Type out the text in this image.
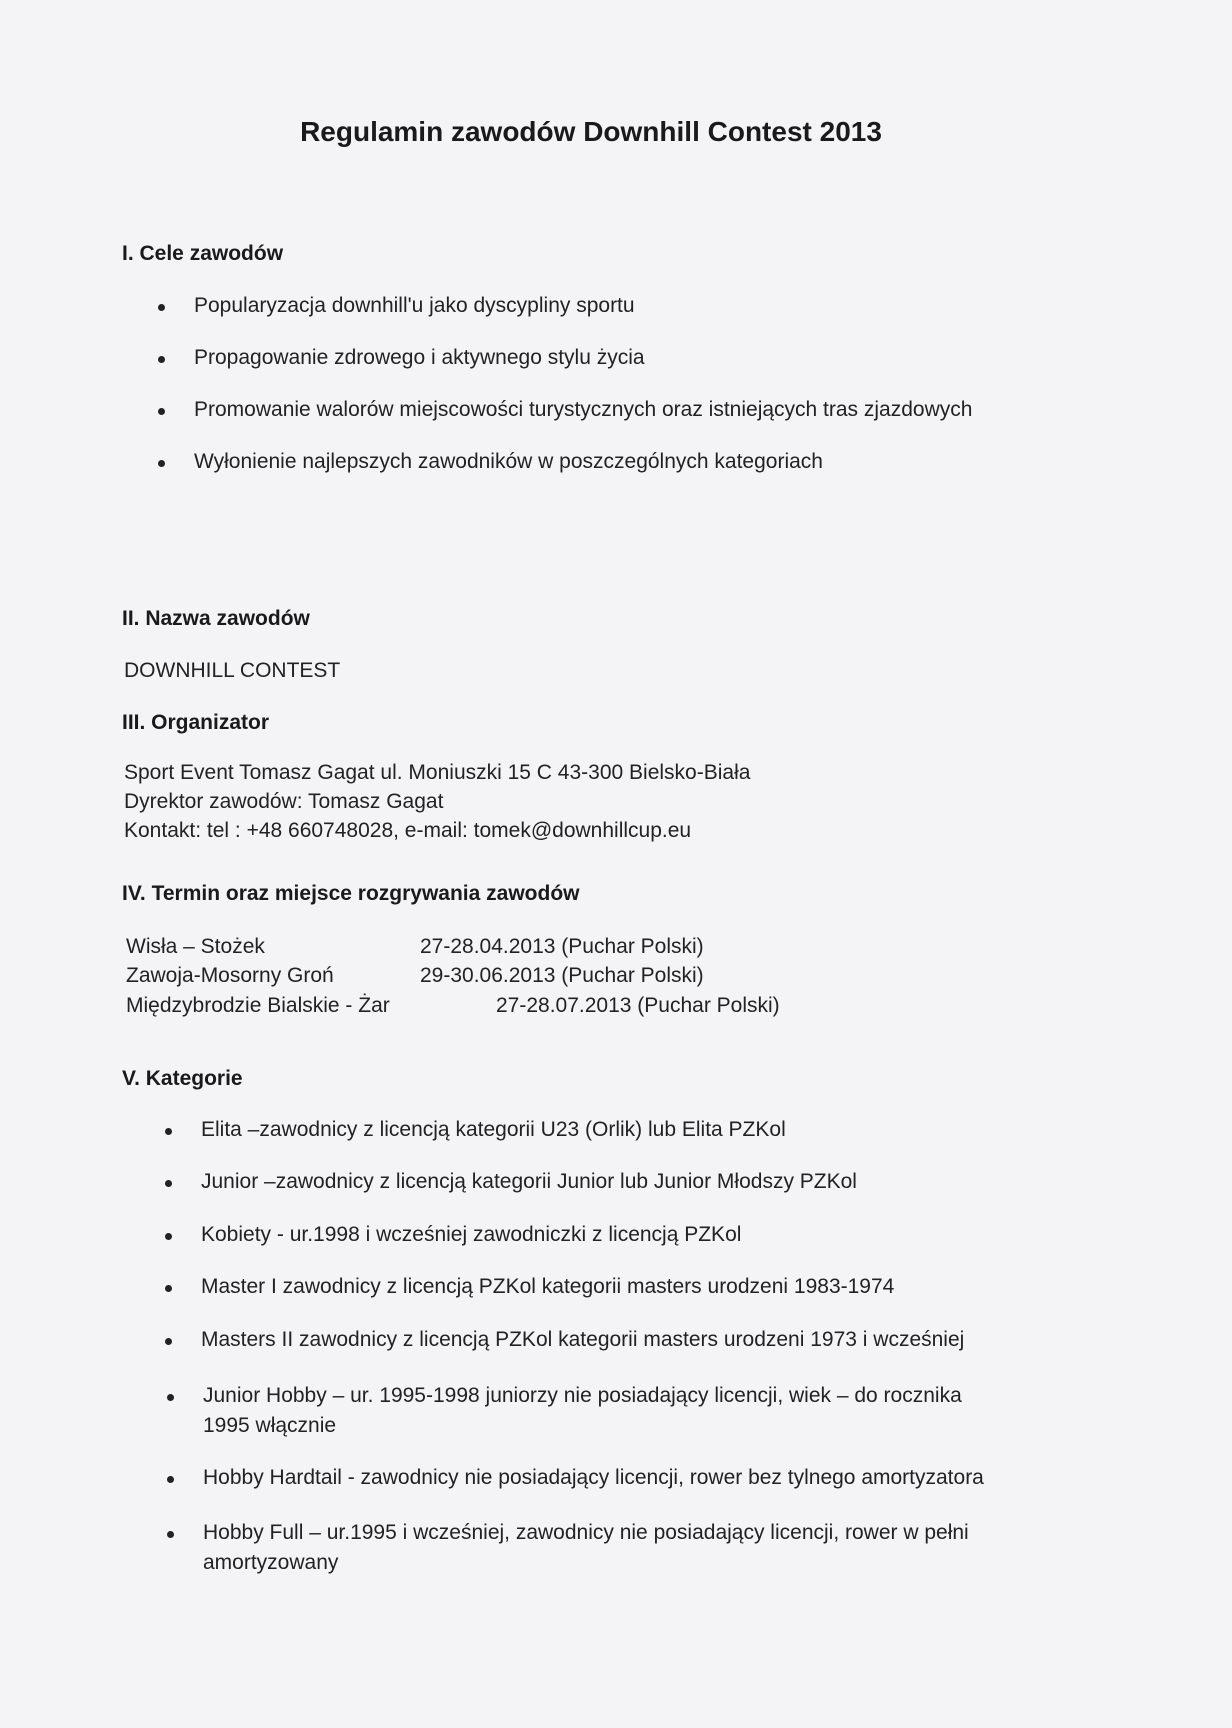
Regulamin zawodów Downhill Contest 2013
I. Cele zawodów
Popularyzacja downhill'u jako dyscypliny sportu
Propagowanie zdrowego i aktywnego stylu życia
Promowanie walorów miejscowości turystycznych oraz istniejących tras zjazdowych
Wyłonienie najlepszych zawodników w poszczególnych kategoriach
II. Nazwa zawodów
DOWNHILL CONTEST
III. Organizator
Sport Event Tomasz Gagat ul. Moniuszki 15 C 43-300 Bielsko-Biała
Dyrektor zawodów: Tomasz Gagat
Kontakt: tel : +48 660748028, e-mail: tomek@downhillcup.eu
IV. Termin oraz miejsce rozgrywania zawodów
Wisła – Stożek	27-28.04.2013 (Puchar Polski)
Zawoja-Mosorny Groń	29-30.06.2013 (Puchar Polski)
Międzybrodzie Bialskie - Żar	27-28.07.2013 (Puchar Polski)
V. Kategorie
Elita –zawodnicy z licencją kategorii U23 (Orlik) lub Elita PZKol
Junior –zawodnicy z licencją kategorii Junior lub Junior Młodszy PZKol
Kobiety - ur.1998 i wcześniej zawodniczki z licencją PZKol
Master I zawodnicy z licencją PZKol kategorii masters urodzeni 1983-1974
Masters II zawodnicy z licencją PZKol kategorii masters urodzeni 1973 i wcześniej
Junior Hobby – ur. 1995-1998 juniorzy nie posiadający licencji, wiek – do rocznika
1995 włącznie
Hobby Hardtail - zawodnicy nie posiadający licencji, rower bez tylnego amortyzatora
Hobby Full – ur.1995 i wcześniej, zawodnicy nie posiadający licencji, rower w pełni
amortyzowany
